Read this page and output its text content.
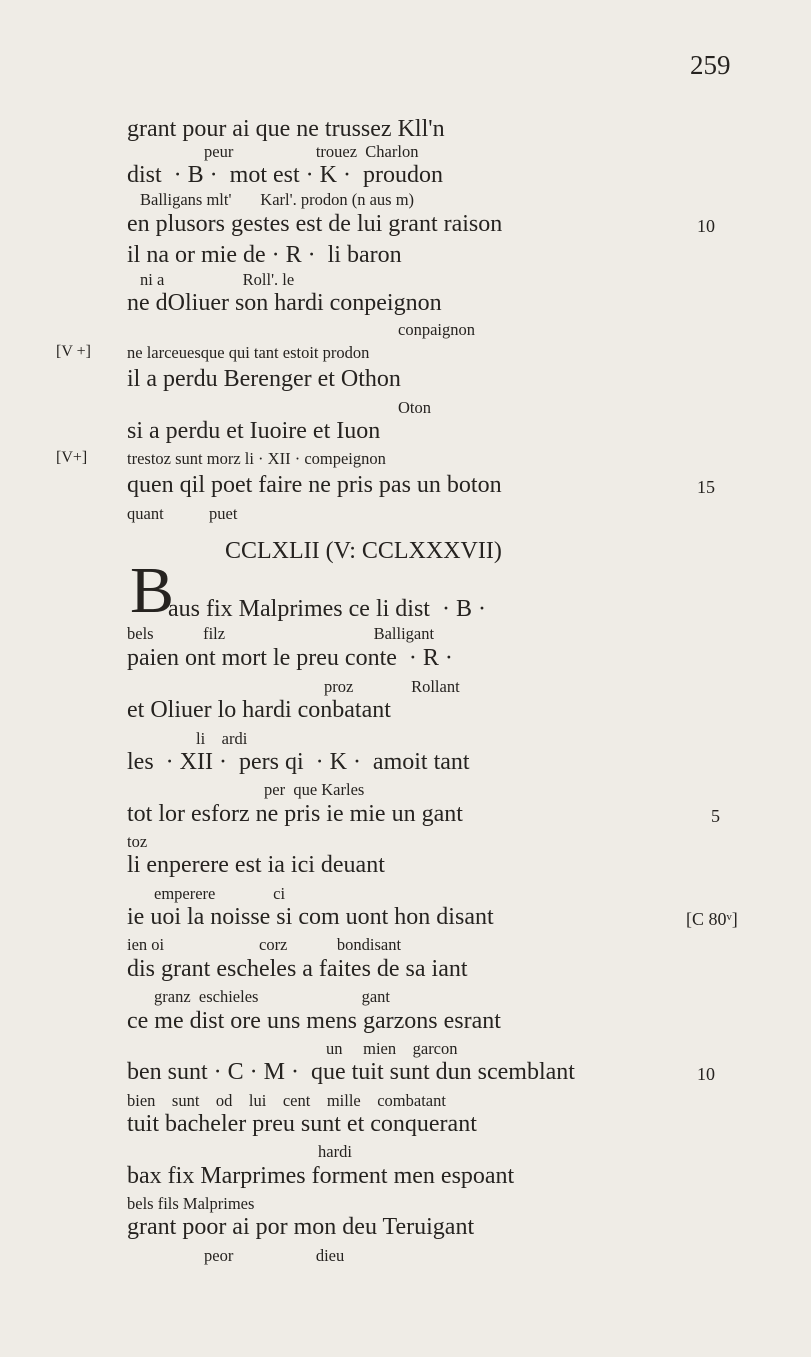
259
grant pour ai que ne trussez Kll'n
peur                    trouez  Charlon
dist  · B ·  mot est · K ·  proudon
Balligans mlt'       Karl'. prodon (n aus m)
en plusors gestes est de lui grant raison
il na or mie de · R ·  li baron
ni a                   Roll'. le
ne dOliuer son hardi conpeignon
conpaignon
ne larceuesque qui tant estoit prodon
il a perdu Berenger et Othon
Oton
si a perdu et Iuoire et Iuon
trestoz sunt morz li · XII · compeignon
quen qil poet faire ne pris pas un boton
quant           puet
[V +]
[V+]
10
15
CCLXLII (V: CCLXXXVII)
B
aus fix Malprimes ce li dist  · B ·
bels            filz                                    Balligant
paien ont mort le preu conte  · R ·
proz              Rollant
et Oliuer lo hardi conbatant
li    ardi
les  · XII ·  pers qi  · K ·  amoit tant
per  que Karles
tot lor esforz ne pris ie mie un gant
toz
li enperere est ia ici deuant
emperere              ci
ie uoi la noisse si com uont hon disant
ien oi                       corz            bondisant
dis grant escheles a faites de sa iant
granz  eschieles                         gant
ce me dist ore uns mens garzons esrant
un     mien    garcon
ben sunt · C · M ·  que tuit sunt dun scemblant
bien    sunt    od    lui    cent    mille    combatant
tuit bacheler preu sunt et conquerant
hardi
bax fix Marprimes forment men espoant
bels fils Malprimes
grant poor ai por mon deu Teruigant
peor                    dieu
5
[C 80ᵛ]
10
